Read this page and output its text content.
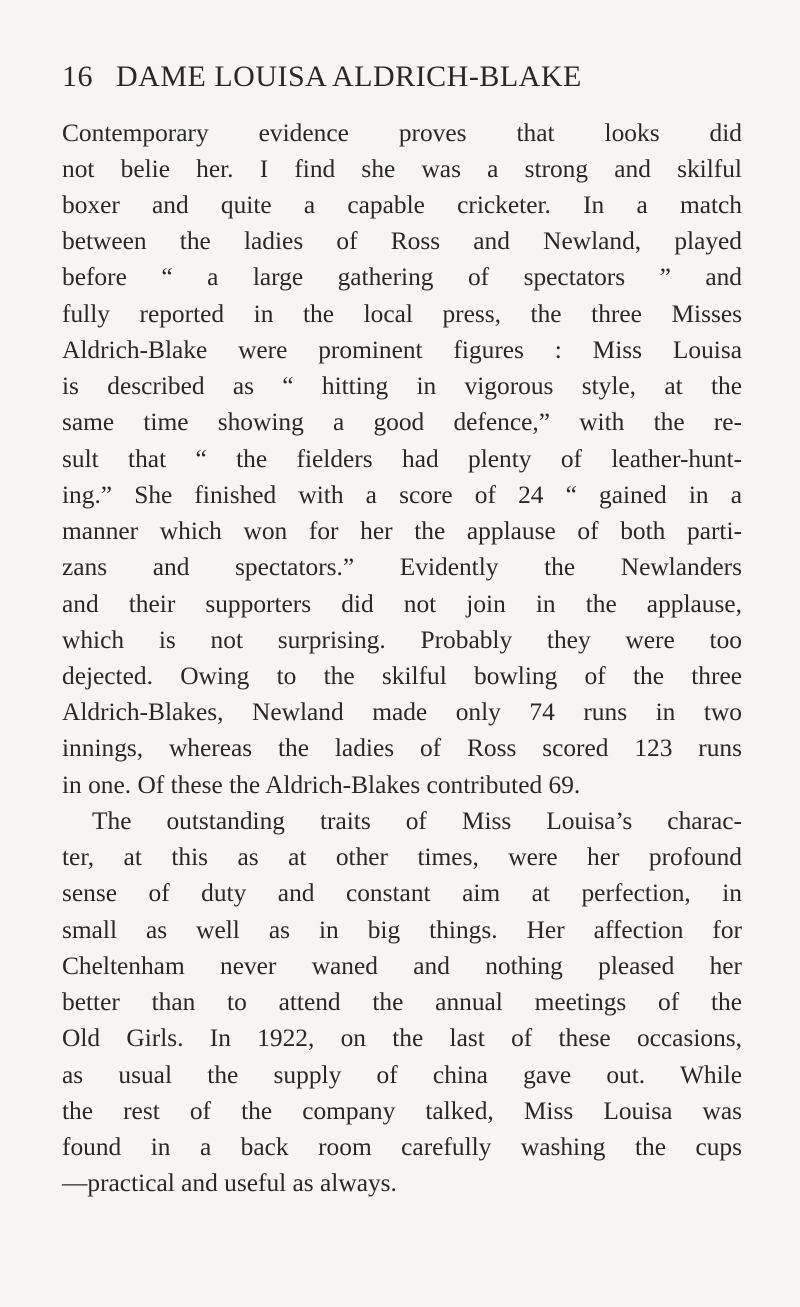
16 DAME LOUISA ALDRICH-BLAKE
Contemporary evidence proves that looks did
not belie her. I find she was a strong and skilful
boxer and quite a capable cricketer. In a match
between the ladies of Ross and Newland, played
before “ a large gathering of spectators ” and
fully reported in the local press, the three Misses
Aldrich-Blake were prominent figures : Miss Louisa
is described as “ hitting in vigorous style, at the
same time showing a good defence,” with the re-
sult that “ the fielders had plenty of leather-hunt-
ing.” She finished with a score of 24 “ gained in a
manner which won for her the applause of both parti-
zans and spectators.” Evidently the Newlanders
and their supporters did not join in the applause,
which is not surprising. Probably they were too
dejected. Owing to the skilful bowling of the three
Aldrich-Blakes, Newland made only 74 runs in two
innings, whereas the ladies of Ross scored 123 runs
in one. Of these the Aldrich-Blakes contributed 69.
The outstanding traits of Miss Louisa’s charac-
ter, at this as at other times, were her profound
sense of duty and constant aim at perfection, in
small as well as in big things. Her affection for
Cheltenham never waned and nothing pleased her
better than to attend the annual meetings of the
Old Girls. In 1922, on the last of these occasions,
as usual the supply of china gave out. While
the rest of the company talked, Miss Louisa was
found in a back room carefully washing the cups
—practical and useful as always.
